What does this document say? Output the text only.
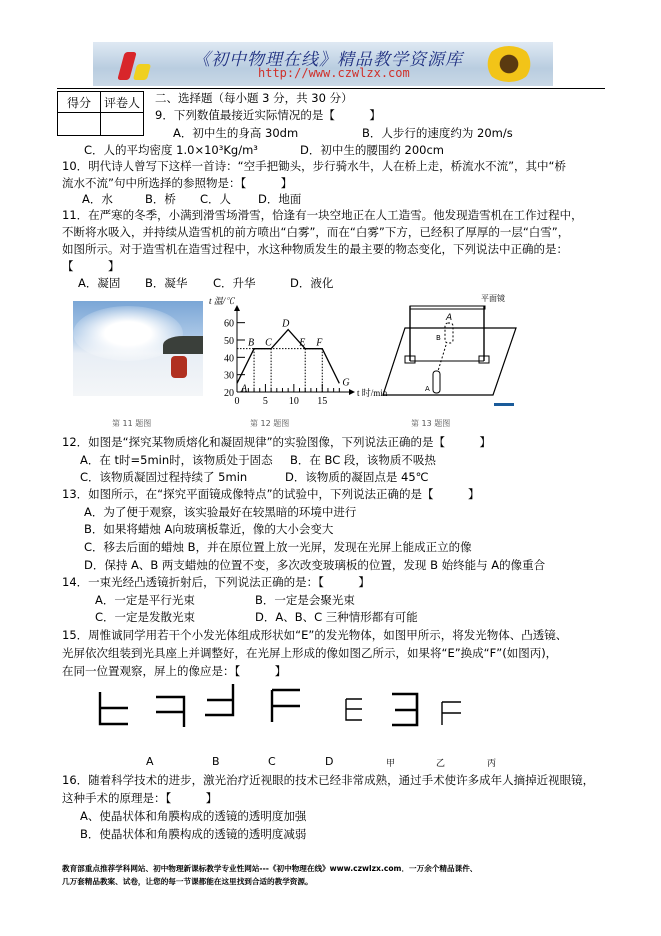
《初中物理在线》精品教学资源库
http://www.czwlzx.com
得分	评卷人
	二、选择题（每小题 3 分，共 30 分）
9．下列数值最接近实际情况的是【　　　】
A．初中生的身高 30dm	B．人步行的速度约为 20m/s
C．人的平均密度 1.0×10³Kg/m³	D．初中生的腰围约 200cm
10．明代诗人曾写下这样一首诗：“空手把锄头，步行骑水牛，人在桥上走，桥流水不流”，其中“桥
流水不流”句中所选择的参照物是：【　　　】
A．水	B．桥 C．人 D．地面
11．在严寒的冬季，小满到滑雪场滑雪，恰逢有一块空地正在人工造雪。他发现造雪机在工作过程中，
不断将水吸入，并持续从造雪机的前方喷出“白雾”，而在“白雾”下方，已经积了厚厚的一层“白雪”，
如图所示。对于造雪机在造雪过程中，水这种物质发生的最主要的物态变化，下列说法中正确的是：
【　　　】
A．凝固 B．凝华 C．升华	D．液化
第 11 题图
20
30
40
50
60
0 5 10 15
A
B C
D
E F
G
t 温/℃
t 时/min
第 12 题图
平面镜
A
B
A
第 13 题图
12．如图是“探究某物质熔化和凝固规律”的实验图像，下列说法正确的是【　　　】
A．在 t时=5min时，该物质处于固态 B．在 BC 段，该物质不吸热
C．该物质凝固过程持续了 5min	D．该物质的凝固点是 45℃
13．如图所示，在“探究平面镜成像特点”的试验中，下列说法正确的是【　　　】
A．为了便于观察，该实验最好在较黑暗的环境中进行
B．如果将蜡烛 A向玻璃板靠近，像的大小会变大
C．移去后面的蜡烛 B，并在原位置上放一光屏，发现在光屏上能成正立的像
D．保持 A、B 两支蜡烛的位置不变，多次改变玻璃板的位置，发现 B 始终能与 A的像重合
14．一束光经凸透镜折射后，下列说法正确的是：【　　　】
A．一定是平行光束	B．一定是会聚光束
C．一定是发散光束	D．A、B、C 三种情形都有可能
15．周惟诚同学用若干个小发光体组成形状如“E”的发光物体，如图甲所示，将发光物体、凸透镜、
光屏依次组装到光具座上并调整好，在光屏上形成的像如图乙所示，如果将“E”换成“F”(如图丙)，
在同一位置观察，屏上的像应是：【　　　】
A	B	C	D	甲	乙	丙
16．随着科学技术的进步，激光治疗近视眼的技术已经非常成熟，通过手术使许多成年人摘掉近视眼镜，
这种手术的原理是：【　　　】
A、使晶状体和角膜构成的透镜的透明度加强
B．使晶状体和角膜构成的透镜的透明度减弱
教育部重点推荐学科网站、初中物理新课标教学专业性网站---《初中物理在线》www.czwlzx.com．一万余个精品课件、
几万套精品教案、试卷，让您的每一节课都能在这里找到合适的教学资源。
